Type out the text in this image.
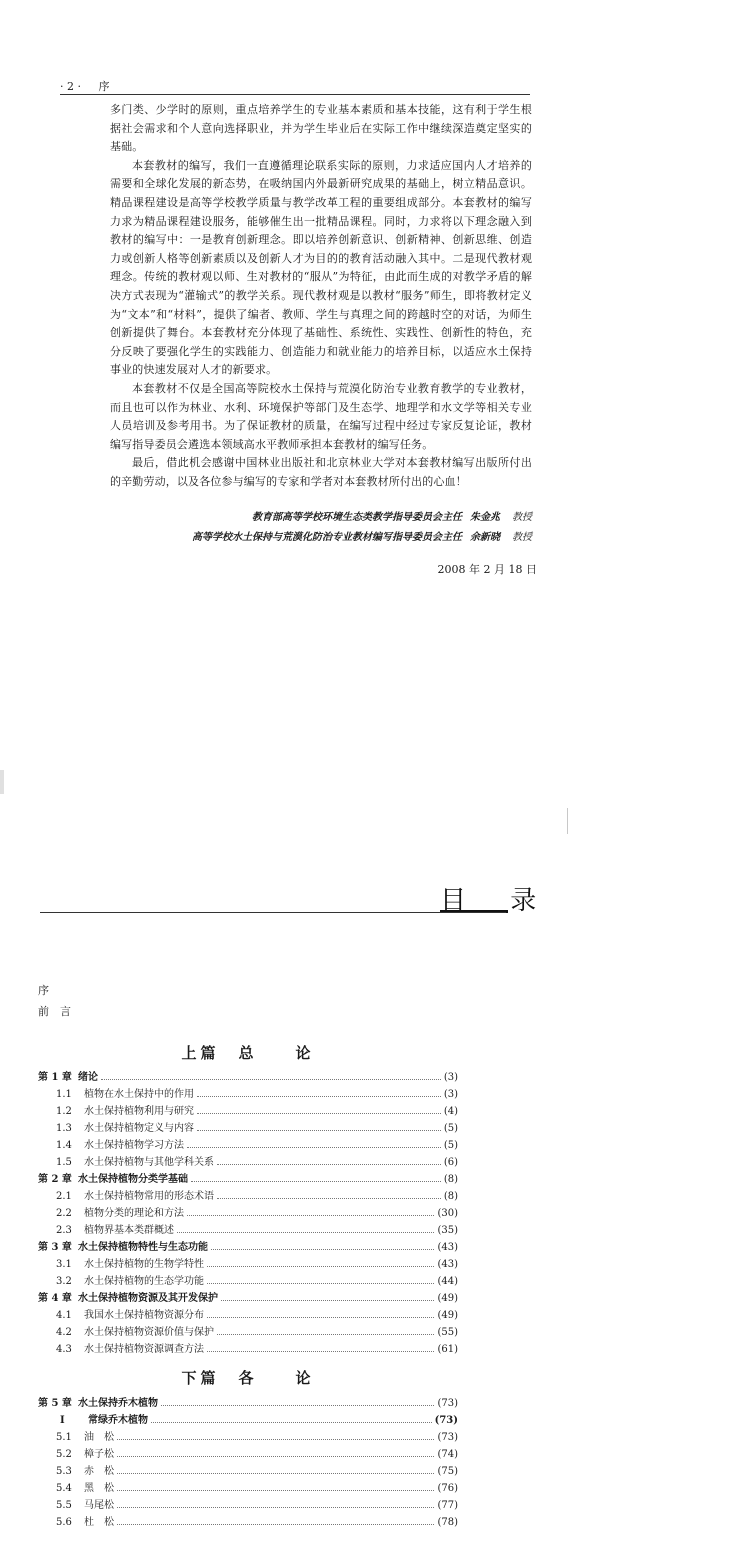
· 2 · 序

多门类、少学时的原则，重点培养学生的专业基本素质和基本技能，这有利于学生根据社会需求和个人意向选择职业，并为学生毕业后在实际工作中继续深造奠定坚实的基础。

本套教材的编写，我们一直遵循理论联系实际的原则，力求适应国内人才培养的需要和全球化发展的新态势，在吸纳国内外最新研究成果的基础上，树立精品意识。精品课程建设是高等学校教学质量与教学改革工程的重要组成部分。本套教材的编写力求为精品课程建设服务，能够催生出一批精品课程。同时，力求将以下理念融入到教材的编写中：一是教育创新理念。即以培养创新意识、创新精神、创新思维、创造力或创新人格等创新素质以及创新人才为目的的教育活动融入其中。二是现代教材观理念。传统的教材观以师、生对教材的“服从”为特征，由此而生成的对教学矛盾的解决方式表现为“灌输式”的教学关系。现代教材观是以教材“服务”师生，即将教材定义为“文本”和“材料”，提供了编者、教师、学生与真理之间的跨越时空的对话，为师生创新提供了舞台。本套教材充分体现了基础性、系统性、实践性、创新性的特色，充分反映了要强化学生的实践能力、创造能力和就业能力的培养目标，以适应水土保持事业的快速发展对人才的新要求。

本套教材不仅是全国高等院校水土保持与荒漠化防治专业教育教学的专业教材，而且也可以作为林业、水利、环境保护等部门及生态学、地理学和水文学等相关专业人员培训及参考用书。为了保证教材的质量，在编写过程中经过专家反复论证，教材编写指导委员会遴选本领域高水平教师承担本套教材的编写任务。

最后，借此机会感谢中国林业出版社和北京林业大学对本套教材编写出版所付出的辛勤劳动，以及各位参与编写的专家和学者对本套教材所付出的心血！

教育部高等学校环境生态类教学指导委员会主任 朱金兆 教授
高等学校水土保持与荒漠化防治专业教材编写指导委员会主任 余新晓 教授
2008 年 2 月 18 日
目 录
序
前　言
上篇　总　　论
第 1 章 绪论	(3)
1.1 植物在水土保持中的作用	(3)
1.2 水土保持植物利用与研究	(4)
1.3 水土保持植物定义与内容	(5)
1.4 水土保持植物学习方法	(5)
1.5 水土保持植物与其他学科关系	(6)
第 2 章 水土保持植物分类学基础	(8)
2.1 水土保持植物常用的形态术语	(8)
2.2 植物分类的理论和方法	(30)
2.3 植物界基本类群概述	(35)
第 3 章 水土保持植物特性与生态功能	(43)
3.1 水土保持植物的生物学特性	(43)
3.2 水土保持植物的生态学功能	(44)
第 4 章 水土保持植物资源及其开发保护	(49)
4.1 我国水土保持植物资源分布	(49)
4.2 水土保持植物资源价值与保护	(55)
4.3 水土保持植物资源调查方法	(61)
下篇　各　　论
第 5 章 水土保持乔木植物	(73)
I 常绿乔木植物	(73)
5.1 油　松	(73)
5.2 樟子松	(74)
5.3 赤　松	(75)
5.4 黑　松	(76)
5.5 马尾松	(77)
5.6 杜　松	(78)
